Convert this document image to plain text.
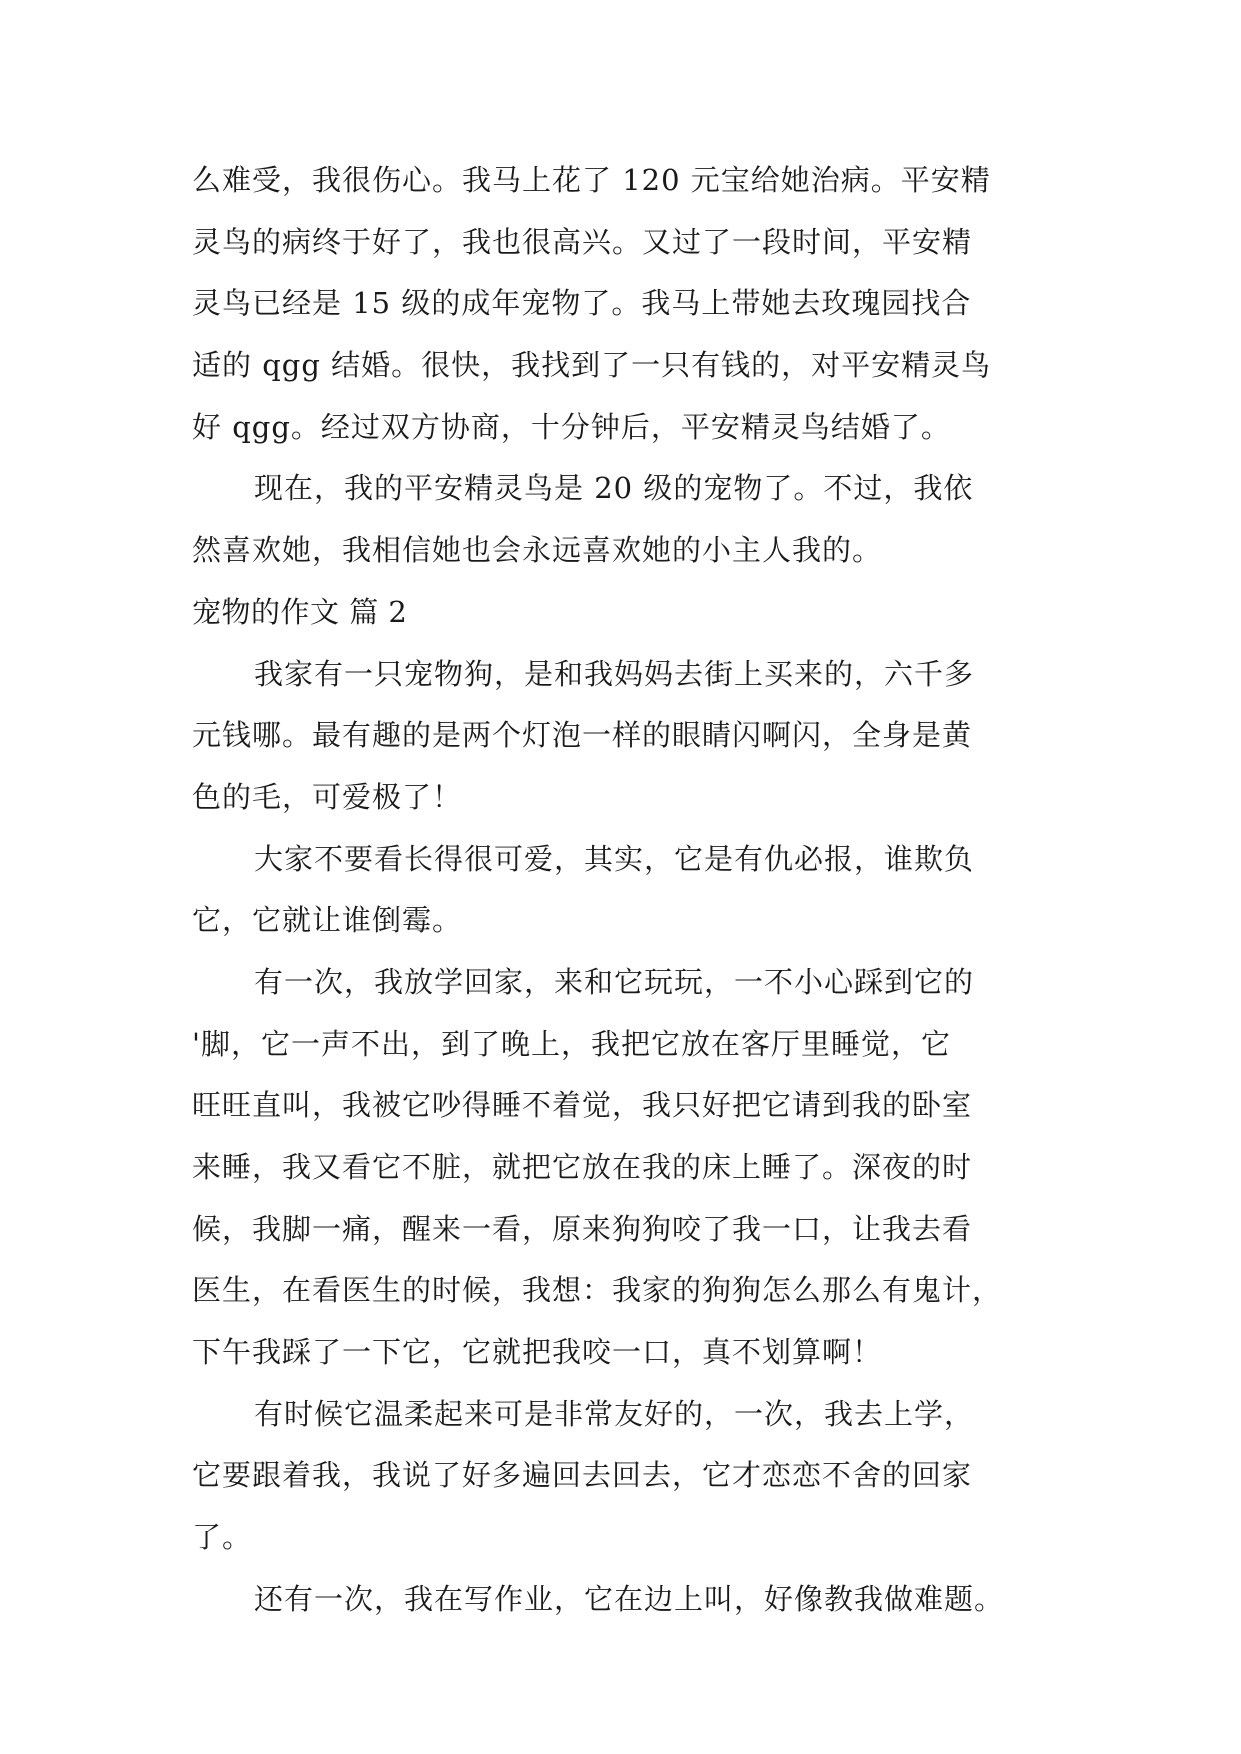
么难受，我很伤心。我马上花了 120 元宝给她治病。平安精
灵鸟的病终于好了，我也很高兴。又过了一段时间，平安精
灵鸟已经是 15 级的成年宠物了。我马上带她去玫瑰园找合
适的 qgg 结婚。很快，我找到了一只有钱的，对平安精灵鸟
好 qgg。经过双方协商，十分钟后，平安精灵鸟结婚了。
现在，我的平安精灵鸟是 20 级的宠物了。不过，我依
然喜欢她，我相信她也会永远喜欢她的小主人我的。
宠物的作文 篇 2
我家有一只宠物狗，是和我妈妈去街上买来的，六千多
元钱哪。最有趣的是两个灯泡一样的眼睛闪啊闪，全身是黄
色的毛，可爱极了！
大家不要看长得很可爱，其实，它是有仇必报，谁欺负
它，它就让谁倒霉。
有一次，我放学回家，来和它玩玩，一不小心踩到它的
'脚，它一声不出，到了晚上，我把它放在客厅里睡觉，它
旺旺直叫，我被它吵得睡不着觉，我只好把它请到我的卧室
来睡，我又看它不脏，就把它放在我的床上睡了。深夜的时
候，我脚一痛，醒来一看，原来狗狗咬了我一口，让我去看
医生，在看医生的时候，我想：我家的狗狗怎么那么有鬼计，
下午我踩了一下它，它就把我咬一口，真不划算啊！
有时候它温柔起来可是非常友好的，一次，我去上学，
它要跟着我，我说了好多遍回去回去，它才恋恋不舍的回家
了。
还有一次，我在写作业，它在边上叫，好像教我做难题。
